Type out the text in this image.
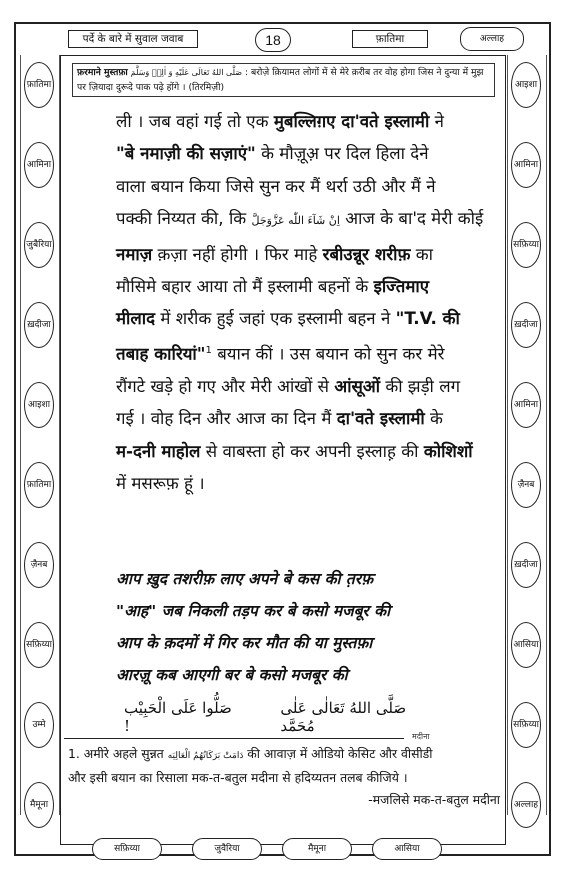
पर्दे के बारे में सुवाल जवाब	फ़ातिमा
18	अल्लाह
फ़रमाने मुस्तफ़ा صَلَّى اللهُ تَعَالَى عَلَيْهِ وَ اٰلِهٖ وَسَلَّمَ : बरोज़े क़ियामत लोगों में से मेरे क़रीब तर वोह होगा जिस ने दुन्या में मुझ
पर ज़ियादा दुरूदे पाक पढ़े होंगे । (तिरमिज़ी)
ली । जब वहां गई तो एक मुबल्लिग़ए दा'वते इस्लामी ने
"बे नमाज़ी की सज़ाएं" के मौज़ूअ़ पर दिल हिला देने
वाला बयान किया जिसे सुन कर मैं थर्रा उठी और मैं ने
पक्की निय्यत की, कि اِنْ شَآءَ اللّٰه عَزَّوَجَلَّ आज के बा'द मेरी कोई
नमाज़ क़ज़ा नहीं होगी । फिर माहे रबीउन्नूर शरीफ़ का
मौसिमे बहार आया तो मैं इस्लामी बहनों के इज्तिमाए
मीलाद में शरीक हुई जहां एक इस्लामी बहन ने "T.V. की
तबाह कारियां"$^1$ बयान कीं । उस बयान को सुन कर मेरे
रौंगटे खड़े हो गए और मेरी आंखों से आंसूओं की झड़ी लग
गई । वोह दिन और आज का दिन मैं दा'वते इस्लामी के
म-दनी माहोल से वाबस्ता हो कर अपनी इस्लाह़ की कोशिशों
में मसरूफ़ हूं ।
आप ख़ुद तशरीफ़ लाए अपने बे कस की त़रफ़
"आह" जब निकली तड़प कर बे कसो मजबूर की
आप के क़दमों में गिर कर मौत की या मुस्तफ़ा
आरज़ू कब आएगी बर बे कसो मजबूर की
صَلُّوا عَلَى الْحَبِيْب !
صَلَّى اللهُ تَعَالٰى عَلٰى مُحَمَّد
मदीना
1. अमीरे अहले सुन्नत دَامَتْ بَرَكَاتُهُمُ الْعَالِيَه की आवाज़ में ओडियो केसिट और वीसीडी
और इसी बयान का रिसाला मक-त-बतुल मदीना से हदिय्यतन तलब कीजिये ।
-मजलिसे मक-त-बतुल मदीना
फ़ातिमा
आमिना
जुबैरिया
ख़दीजा
आइशा
फ़ातिमा
ज़ैनब
सफ़िय्या
उम्मे
मैमूना
आइशा
आमिना
सफ़िय्या
ख़दीजा
आमिना
ज़ैनब
ख़दीजा
आसिया
सफ़िय्या
अल्लाह
सफ़िय्या	जुवैरिया	मैमूना	आसिया
